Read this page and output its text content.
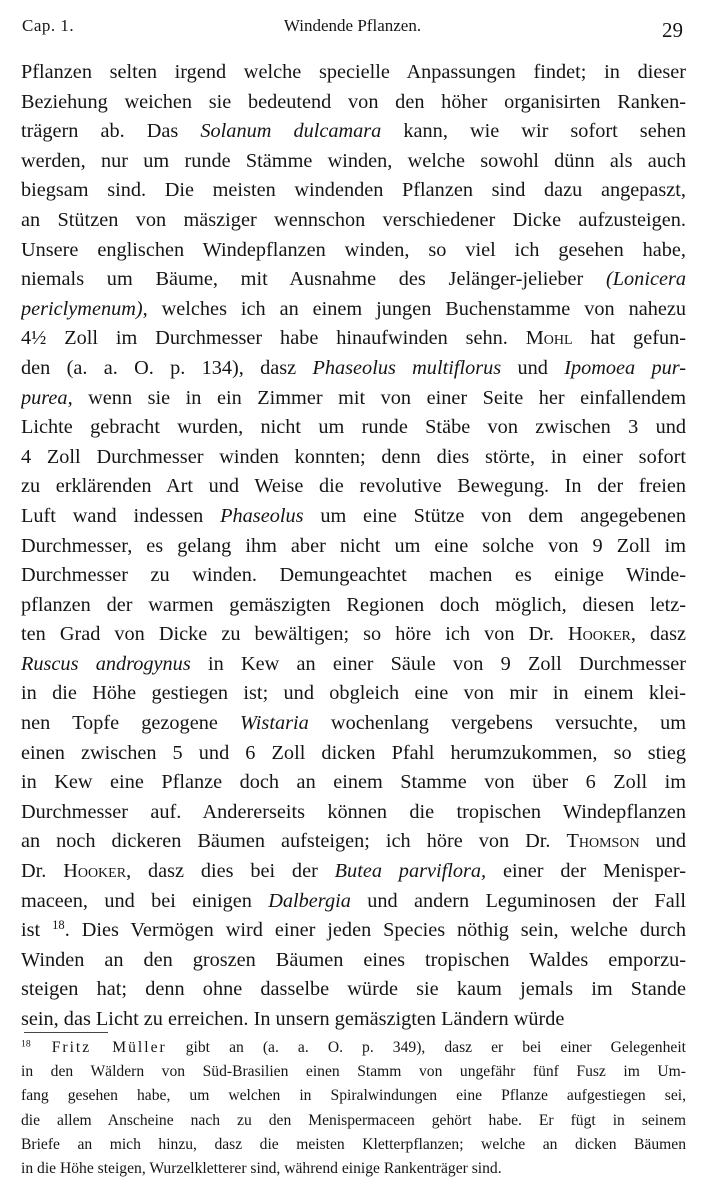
Cap. 1.	Windende Pflanzen.	29
Pflanzen selten irgend welche specielle Anpassungen findet; in dieser
Beziehung weichen sie bedeutend von den höher organisirten Ranken-
trägern ab. Das Solanum dulcamara kann, wie wir sofort sehen
werden, nur um runde Stämme winden, welche sowohl dünn als auch
biegsam sind. Die meisten windenden Pflanzen sind dazu angepaszt,
an Stützen von mäsziger wennschon verschiedener Dicke aufzusteigen.
Unsere englischen Windepflanzen winden, so viel ich gesehen habe,
niemals um Bäume, mit Ausnahme des Jelänger-jelieber (Lonicera
periclymenum), welches ich an einem jungen Buchenstamme von nahezu
4½ Zoll im Durchmesser habe hinaufwinden sehn. Mohl hat gefun-
den (a. a. O. p. 134), dasz Phaseolus multiflorus und Ipomoea pur-
purea, wenn sie in ein Zimmer mit von einer Seite her einfallendem
Lichte gebracht wurden, nicht um runde Stäbe von zwischen 3 und
4 Zoll Durchmesser winden konnten; denn dies störte, in einer sofort
zu erklärenden Art und Weise die revolutive Bewegung. In der freien
Luft wand indessen Phaseolus um eine Stütze von dem angegebenen
Durchmesser, es gelang ihm aber nicht um eine solche von 9 Zoll im
Durchmesser zu winden. Demungeachtet machen es einige Winde-
pflanzen der warmen gemäszigten Regionen doch möglich, diesen letz-
ten Grad von Dicke zu bewältigen; so höre ich von Dr. Hooker, dasz
Ruscus androgynus in Kew an einer Säule von 9 Zoll Durchmesser
in die Höhe gestiegen ist; und obgleich eine von mir in einem klei-
nen Topfe gezogene Wistaria wochenlang vergebens versuchte, um
einen zwischen 5 und 6 Zoll dicken Pfahl herumzukommen, so stieg
in Kew eine Pflanze doch an einem Stamme von über 6 Zoll im
Durchmesser auf. Andererseits können die tropischen Windepflanzen
an noch dickeren Bäumen aufsteigen; ich höre von Dr. Thomson und
Dr. Hooker, dasz dies bei der Butea parviflora, einer der Menisper-
maceen, und bei einigen Dalbergia und andern Leguminosen der Fall
ist $^{18}$. Dies Vermögen wird einer jeden Species nöthig sein, welche durch
Winden an den groszen Bäumen eines tropischen Waldes emporzu-
steigen hat; denn ohne dasselbe würde sie kaum jemals im Stande
sein, das Licht zu erreichen. In unsern gemäszigten Ländern würde
$^{18}$ Fritz Müller gibt an (a. a. O. p. 349), dasz er bei einer Gelegenheit
in den Wäldern von Süd-Brasilien einen Stamm von ungefähr fünf Fusz im Um-
fang gesehen habe, um welchen in Spiralwindungen eine Pflanze aufgestiegen sei,
die allem Anscheine nach zu den Menispermaceen gehört habe. Er fügt in seinem
Briefe an mich hinzu, dasz die meisten Kletterpflanzen; welche an dicken Bäumen
in die Höhe steigen, Wurzelkletterer sind, während einige Rankenträger sind.
